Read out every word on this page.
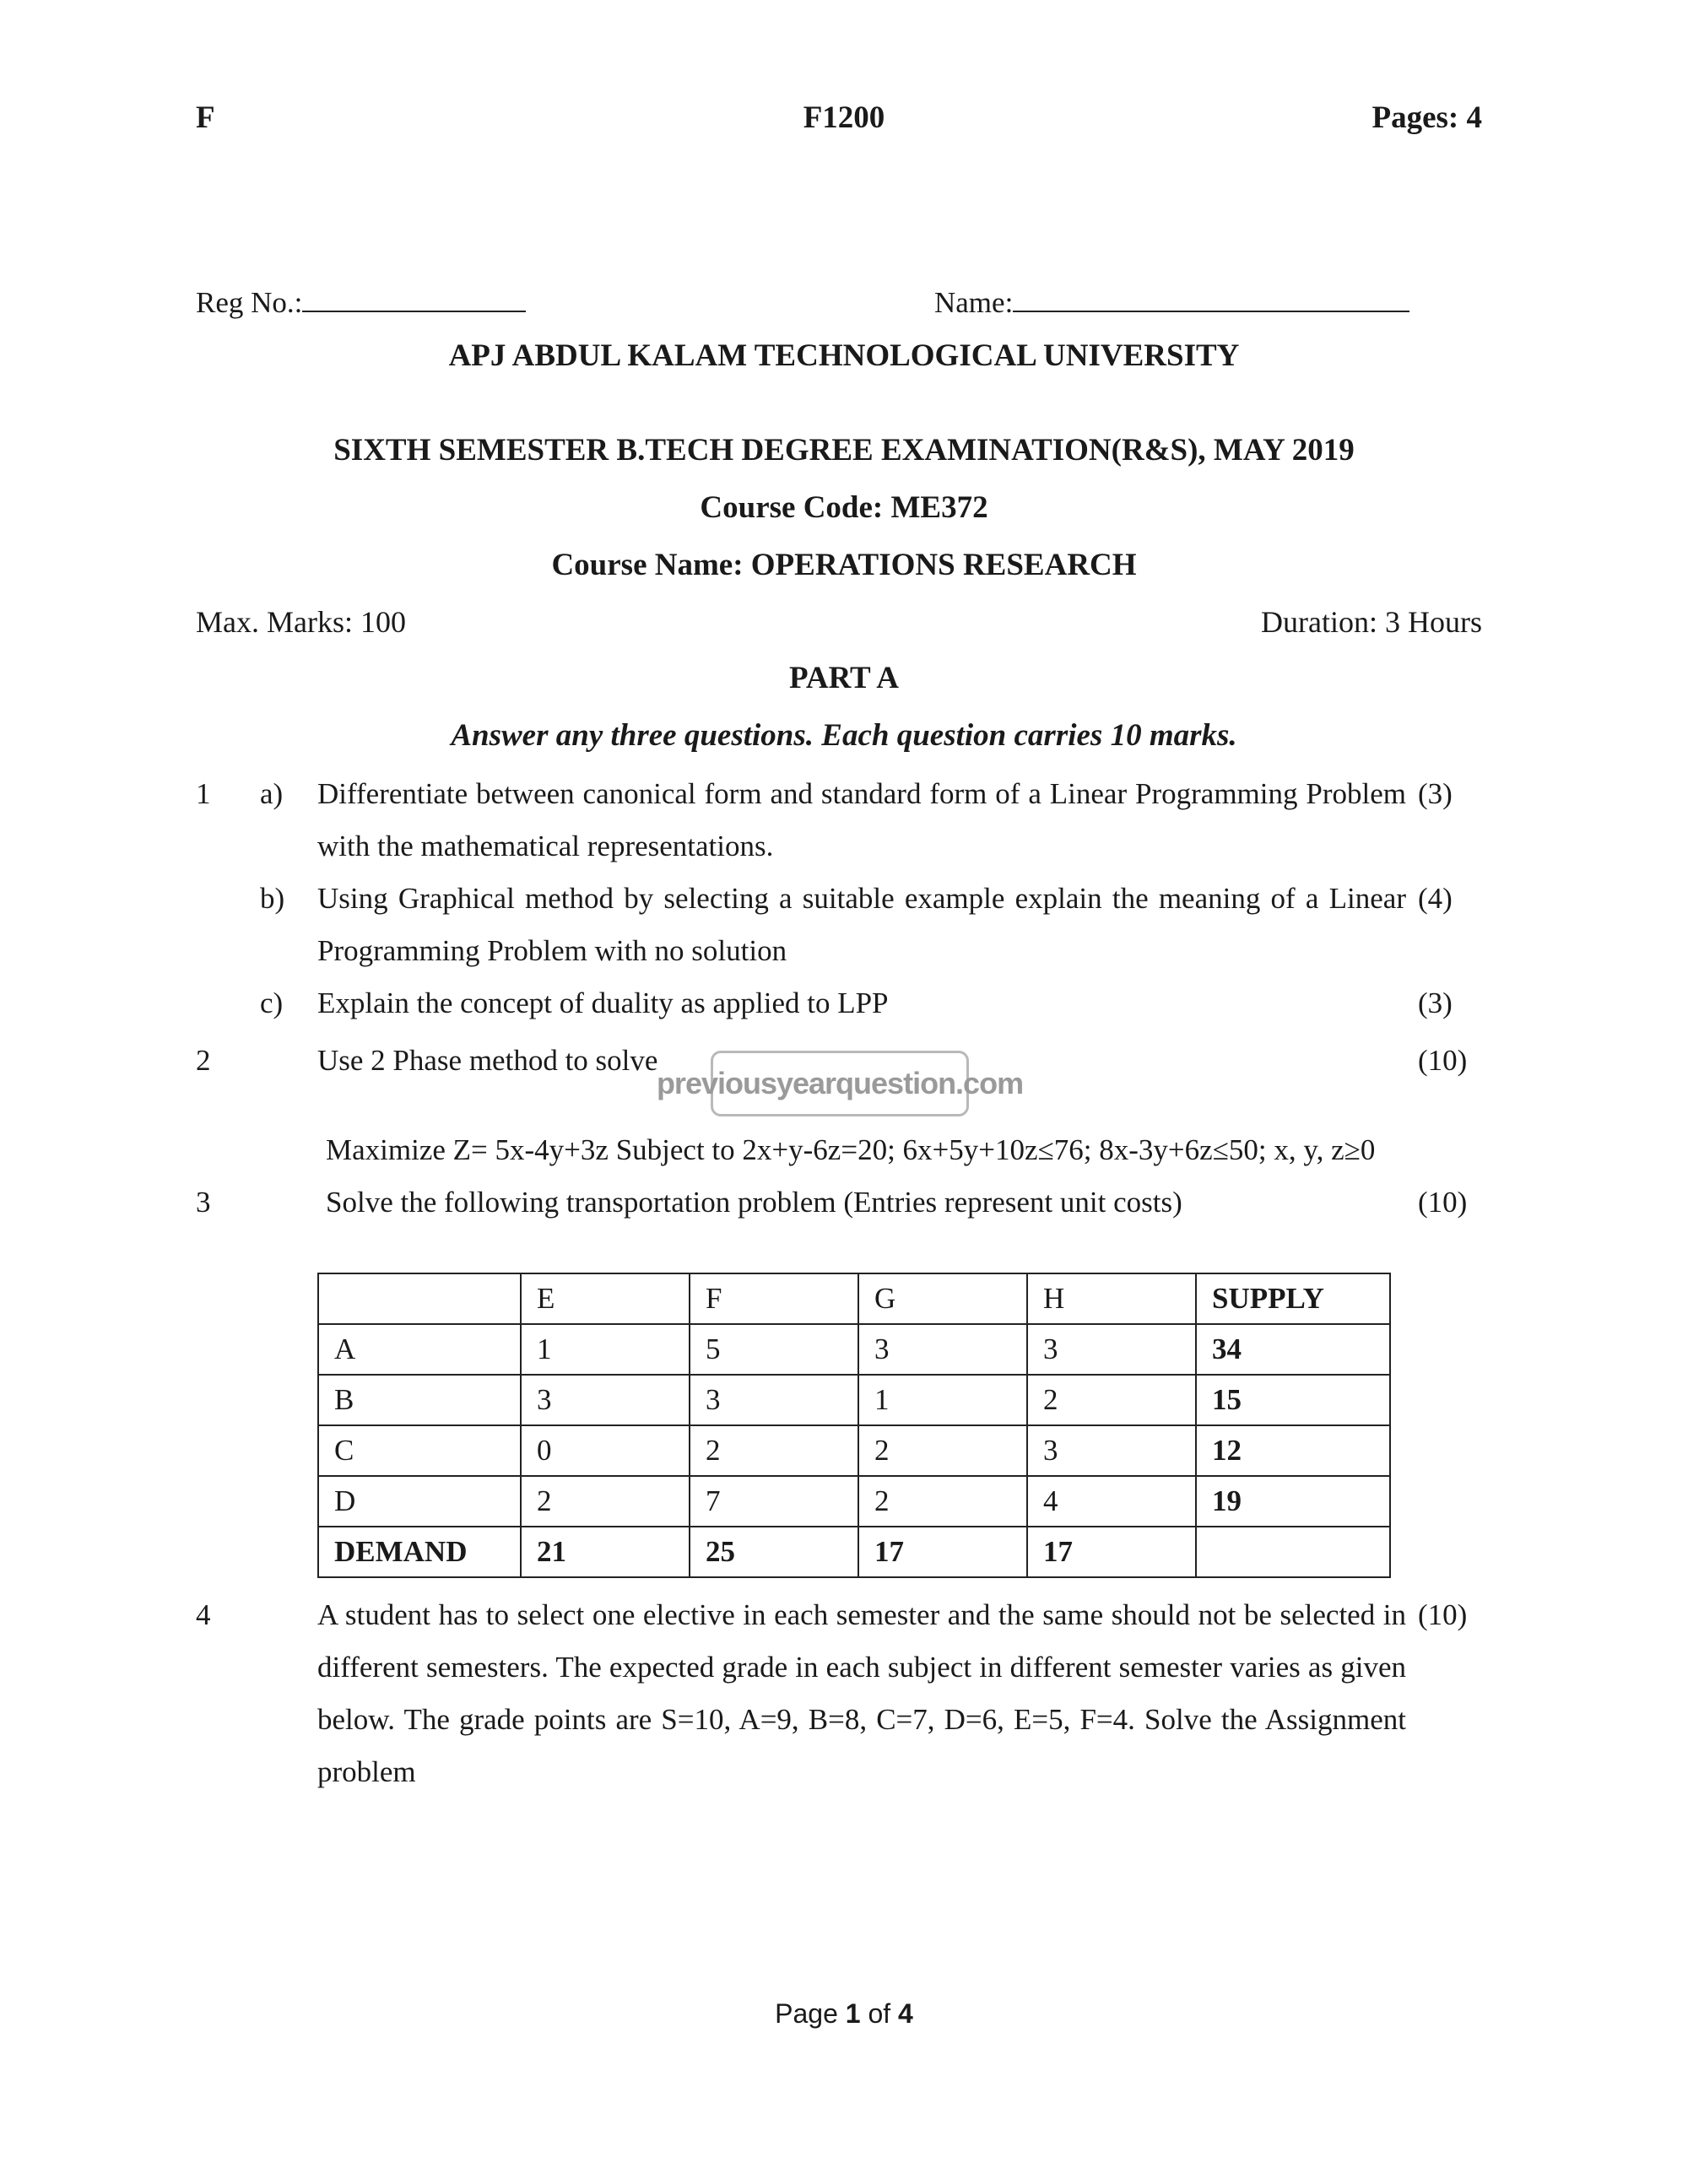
F	F1200	Pages: 4
Reg No.:	Name:
APJ ABDUL KALAM TECHNOLOGICAL UNIVERSITY
SIXTH SEMESTER B.TECH DEGREE EXAMINATION(R&S), MAY 2019
Course Code: ME372
Course Name: OPERATIONS RESEARCH
Max. Marks: 100	Duration: 3 Hours
PART A
Answer any three questions. Each question carries 10 marks.
1 a) Differentiate between canonical form and standard form of a Linear Programming Problem with the mathematical representations.
(3)
b) Using Graphical method by selecting a suitable example explain the meaning of a Linear Programming Problem with no solution
(4)
c) Explain the concept of duality as applied to LPP	(3)
2	Use 2 Phase method to solve	(10)
previousyearquestion.com
Maximize Z= 5x-4y+3z Subject to 2x+y-6z=20; 6x+5y+10z≤76; 8x-3y+6z≤50; x, y, z≥0
3	Solve the following transportation problem (Entries represent unit costs)	(10)
	E	F	G	H	SUPPLY
A	1	5	3	3	34
B	3	3	1	2	15
C	0	2	2	3	12
D	2	7	2	4	19
DEMAND	21	25	17	17	
4	A student has to select one elective in each semester and the same should not be selected in different semesters. The expected grade in each subject in different semester varies as given below. The grade points are S=10, A=9, B=8, C=7, D=6, E=5, F=4. Solve the Assignment problem
(10)
Page 1 of 4
